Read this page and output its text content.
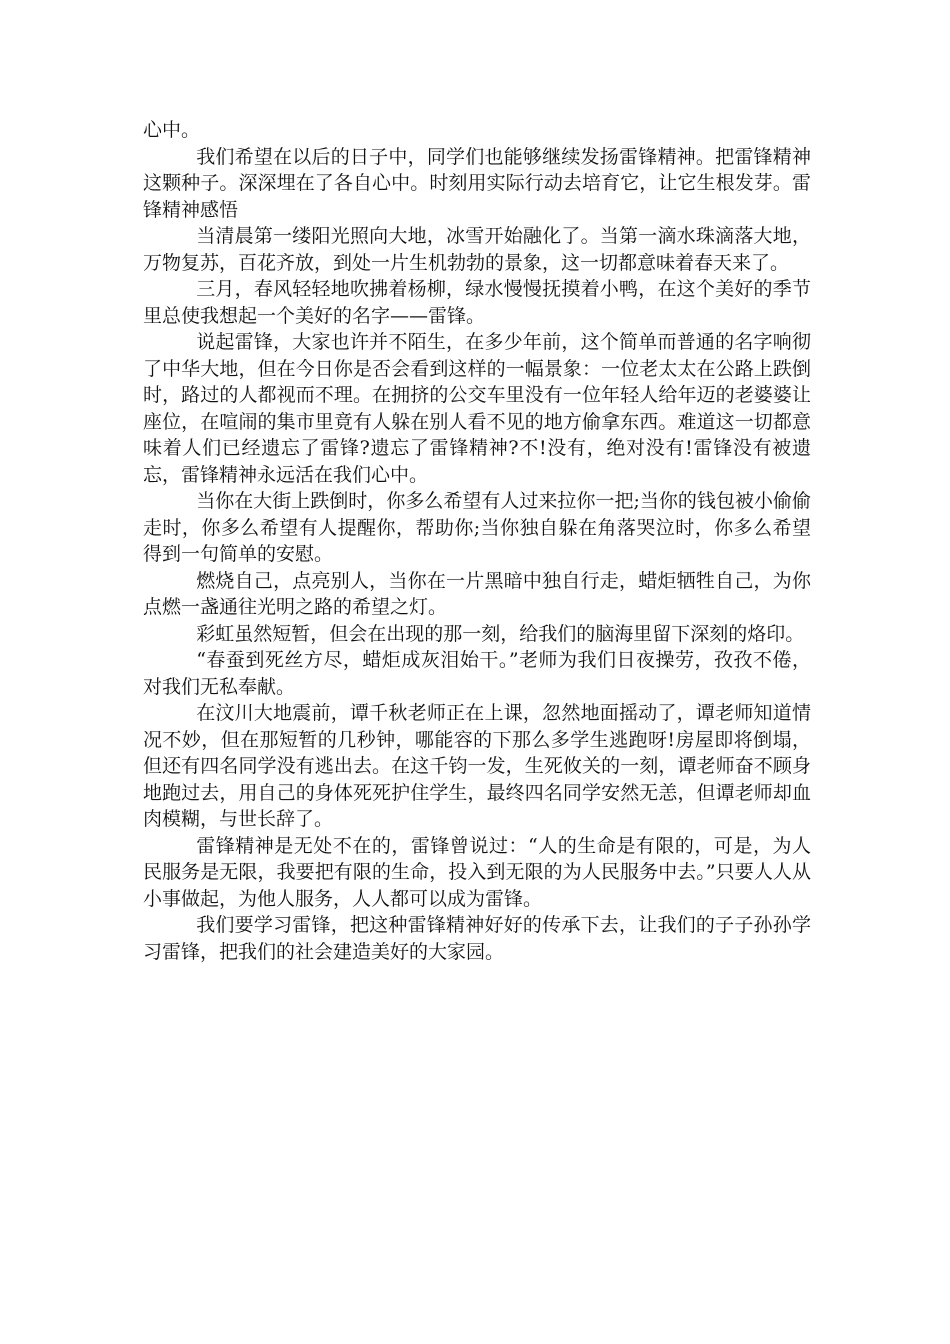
心中。

我们希望在以后的日子中，同学们也能够继续发扬雷锋精神。把雷锋精神这颗种子。深深埋在了各自心中。时刻用实际行动去培育它，让它生根发芽。雷锋精神感悟

当清晨第一缕阳光照向大地，冰雪开始融化了。当第一滴水珠滴落大地，万物复苏，百花齐放，到处一片生机勃勃的景象，这一切都意味着春天来了。

三月，春风轻轻地吹拂着杨柳，绿水慢慢抚摸着小鸭，在这个美好的季节里总使我想起一个美好的名字——雷锋。

说起雷锋，大家也许并不陌生，在多少年前，这个简单而普通的名字响彻了中华大地，但在今日你是否会看到这样的一幅景象：一位老太太在公路上跌倒时，路过的人都视而不理。在拥挤的公交车里没有一位年轻人给年迈的老婆婆让座位，在喧闹的集市里竟有人躲在别人看不见的地方偷拿东西。难道这一切都意味着人们已经遗忘了雷锋?遗忘了雷锋精神?不!没有，绝对没有!雷锋没有被遗忘，雷锋精神永远活在我们心中。

当你在大街上跌倒时，你多么希望有人过来拉你一把;当你的钱包被小偷偷走时，你多么希望有人提醒你，帮助你;当你独自躲在角落哭泣时，你多么希望得到一句简单的安慰。

燃烧自己，点亮别人，当你在一片黑暗中独自行走，蜡炬牺牲自己，为你点燃一盏通往光明之路的希望之灯。

彩虹虽然短暂，但会在出现的那一刻，给我们的脑海里留下深刻的烙印。

“春蚕到死丝方尽，蜡炬成灰泪始干。”老师为我们日夜操劳，孜孜不倦，对我们无私奉献。

在汶川大地震前，谭千秋老师正在上课，忽然地面摇动了，谭老师知道情况不妙，但在那短暂的几秒钟，哪能容的下那么多学生逃跑呀!房屋即将倒塌，但还有四名同学没有逃出去。在这千钧一发，生死攸关的一刻，谭老师奋不顾身地跑过去，用自己的身体死死护住学生，最终四名同学安然无恙，但谭老师却血肉模糊，与世长辞了。

雷锋精神是无处不在的，雷锋曾说过：“人的生命是有限的，可是，为人民服务是无限，我要把有限的生命，投入到无限的为人民服务中去。”只要人人从小事做起，为他人服务，人人都可以成为雷锋。

我们要学习雷锋，把这种雷锋精神好好的传承下去，让我们的子子孙孙学习雷锋，把我们的社会建造美好的大家园。
